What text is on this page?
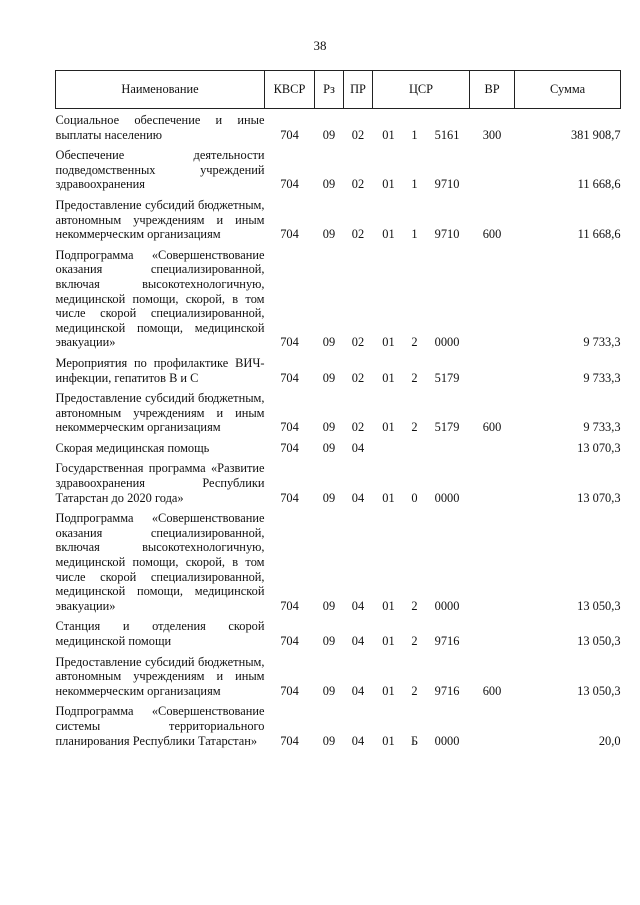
38
Наименование	КВСР	Рз	ПР	ЦСР			ВР	Сумма
Социальное обеспечение и иные выплаты населению	704	09	02	01	1	5161	300	381 908,7
Обеспечение деятельности подведомственных учреждений здравоохранения	704	09	02	01	1	9710		11 668,6
Предоставление субсидий бюджетным, автономным учреждениям и иным некоммерческим организациям	704	09	02	01	1	9710	600	11 668,6
Подпрограмма «Совершенствование оказания специализированной, включая высокотехнологичную, медицинской помощи, скорой, в том числе скорой специализированной, медицинской помощи, медицинской эвакуации»	704	09	02	01	2	0000		9 733,3
Мероприятия по профилактике ВИЧ-инфекции, гепатитов В и С	704	09	02	01	2	5179		9 733,3
Предоставление субсидий бюджетным, автономным учреждениям и иным некоммерческим организациям	704	09	02	01	2	5179	600	9 733,3
Скорая медицинская помощь	704	09	04					13 070,3
Государственная программа «Развитие здравоохранения Республики Татарстан до 2020 года»	704	09	04	01	0	0000		13 070,3
Подпрограмма «Совершенствование оказания специализированной, включая высокотехнологичную, медицинской помощи, скорой, в том числе скорой специализированной, медицинской помощи, медицинской эвакуации»	704	09	04	01	2	0000		13 050,3
Станция и отделения скорой медицинской помощи	704	09	04	01	2	9716		13 050,3
Предоставление субсидий бюджетным, автономным учреждениям и иным некоммерческим организациям	704	09	04	01	2	9716	600	13 050,3
Подпрограмма «Совершенствование системы территориального планирования Республики Татарстан»	704	09	04	01	Б	0000		20,0
